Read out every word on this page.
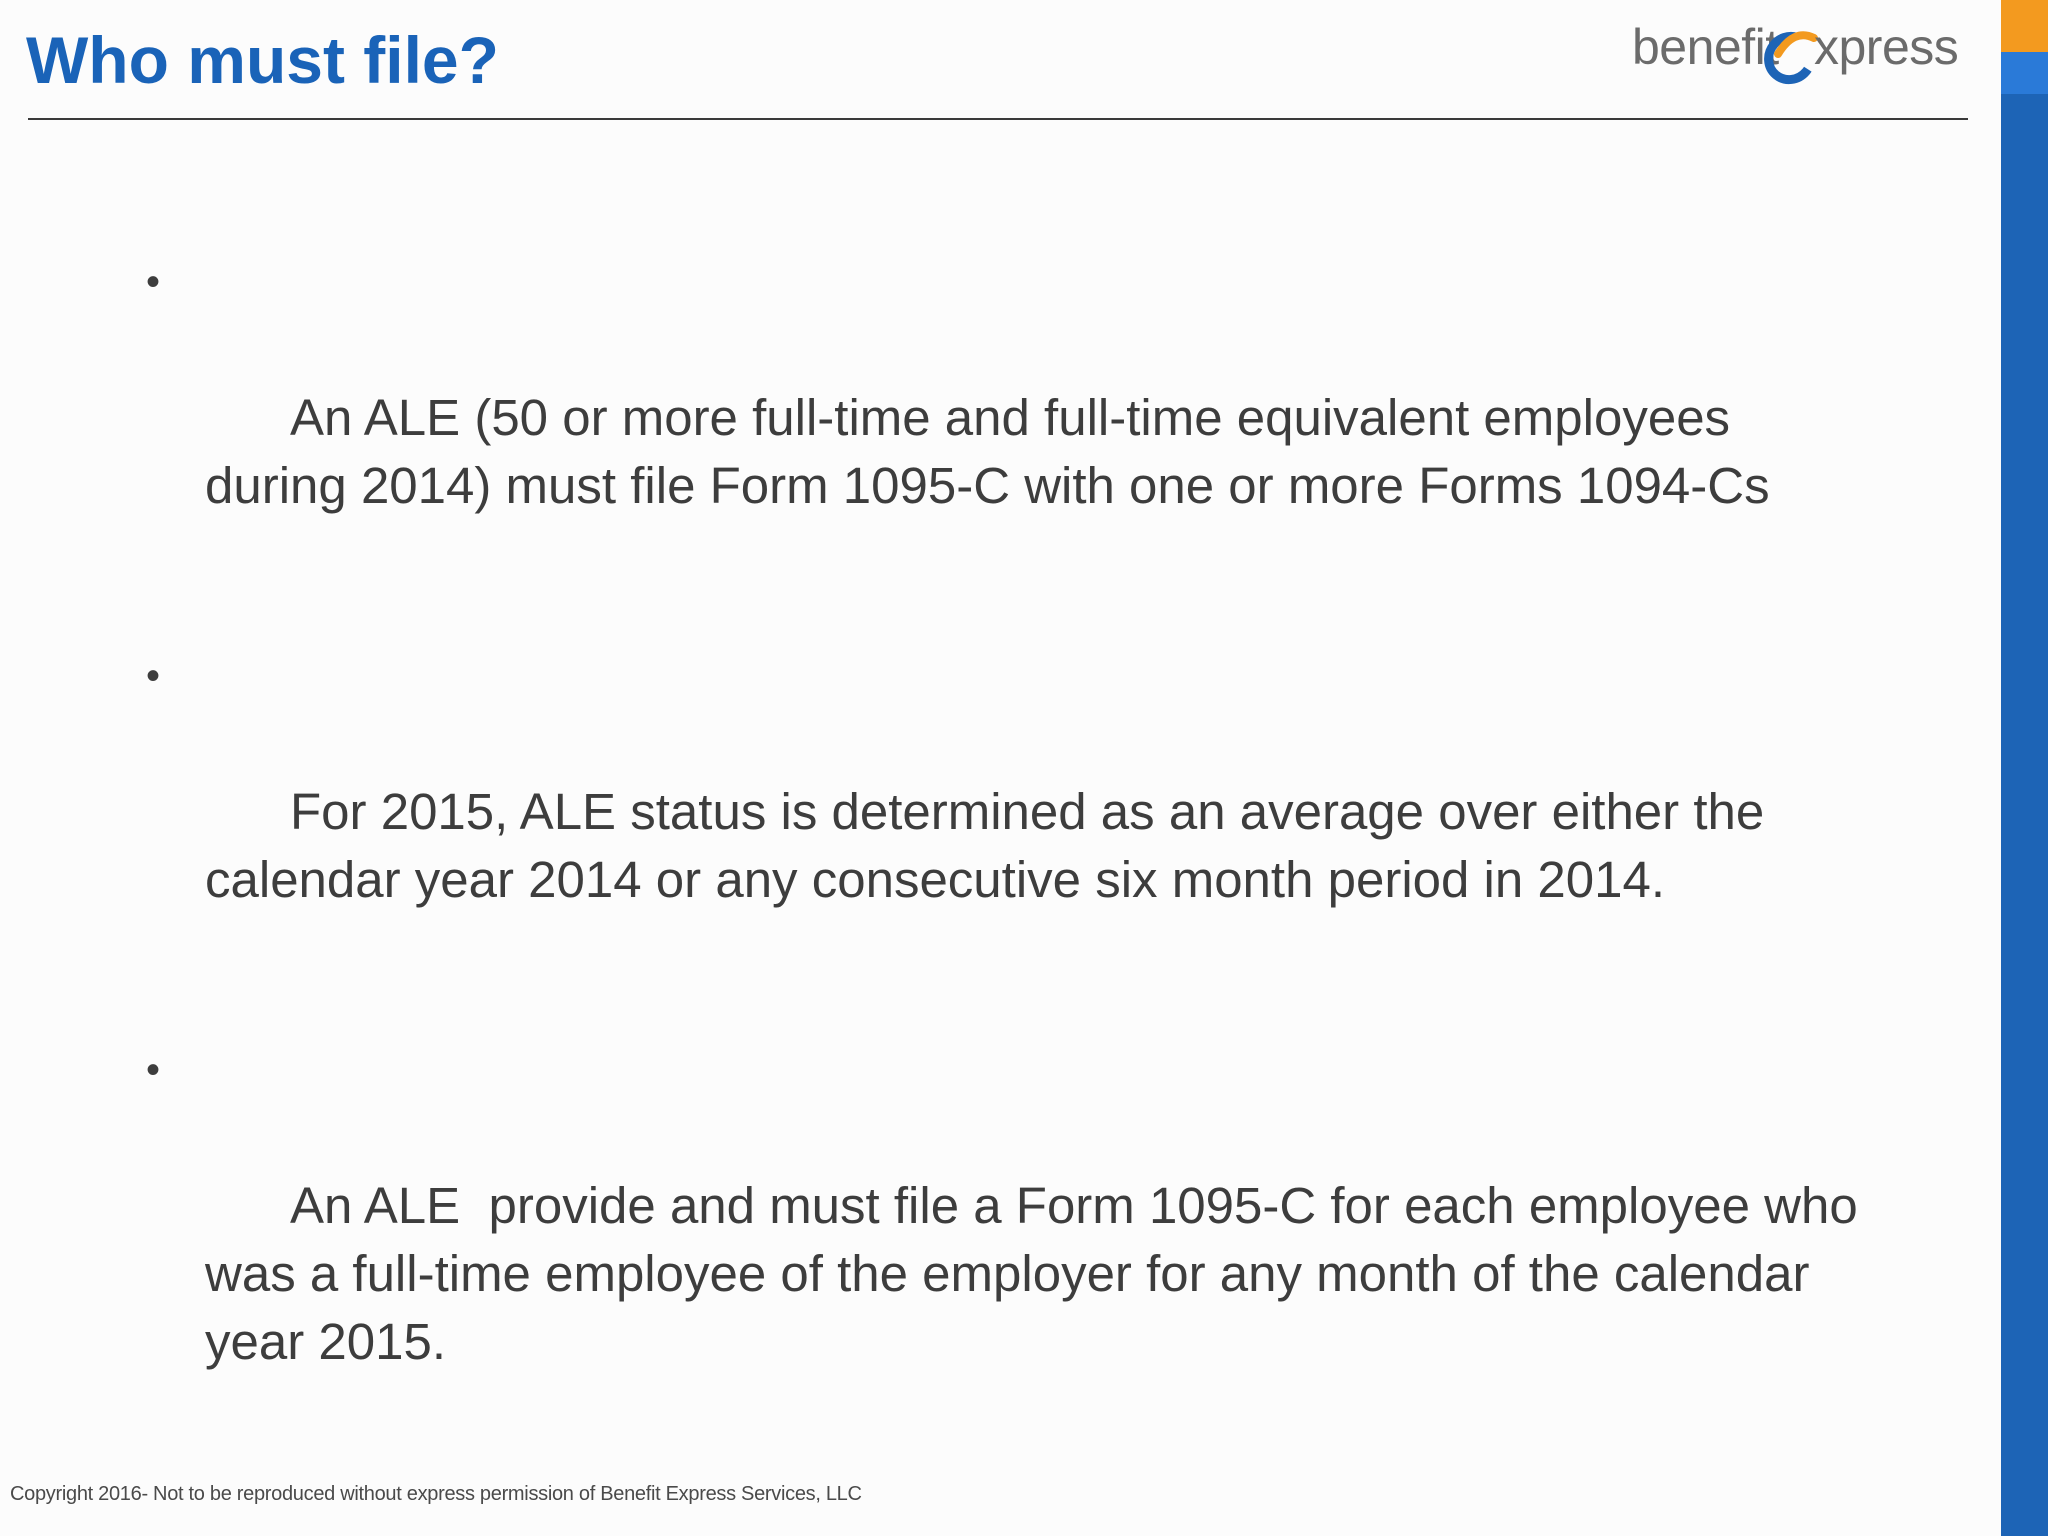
Who must file?	benefit xpress

•

An ALE (50 or more full-time and full-time equivalent employees during 2014) must file Form 1095-C with one or more Forms 1094-Cs

•

For 2015, ALE status is determined as an average over either the calendar year 2014 or any consecutive six month period in 2014.

•

An ALE  provide and must file a Form 1095-C for each employee who was a full-time employee of the employer for any month of the calendar year 2015.

Copyright 2016- Not to be reproduced without express permission of Benefit Express Services, LLC
